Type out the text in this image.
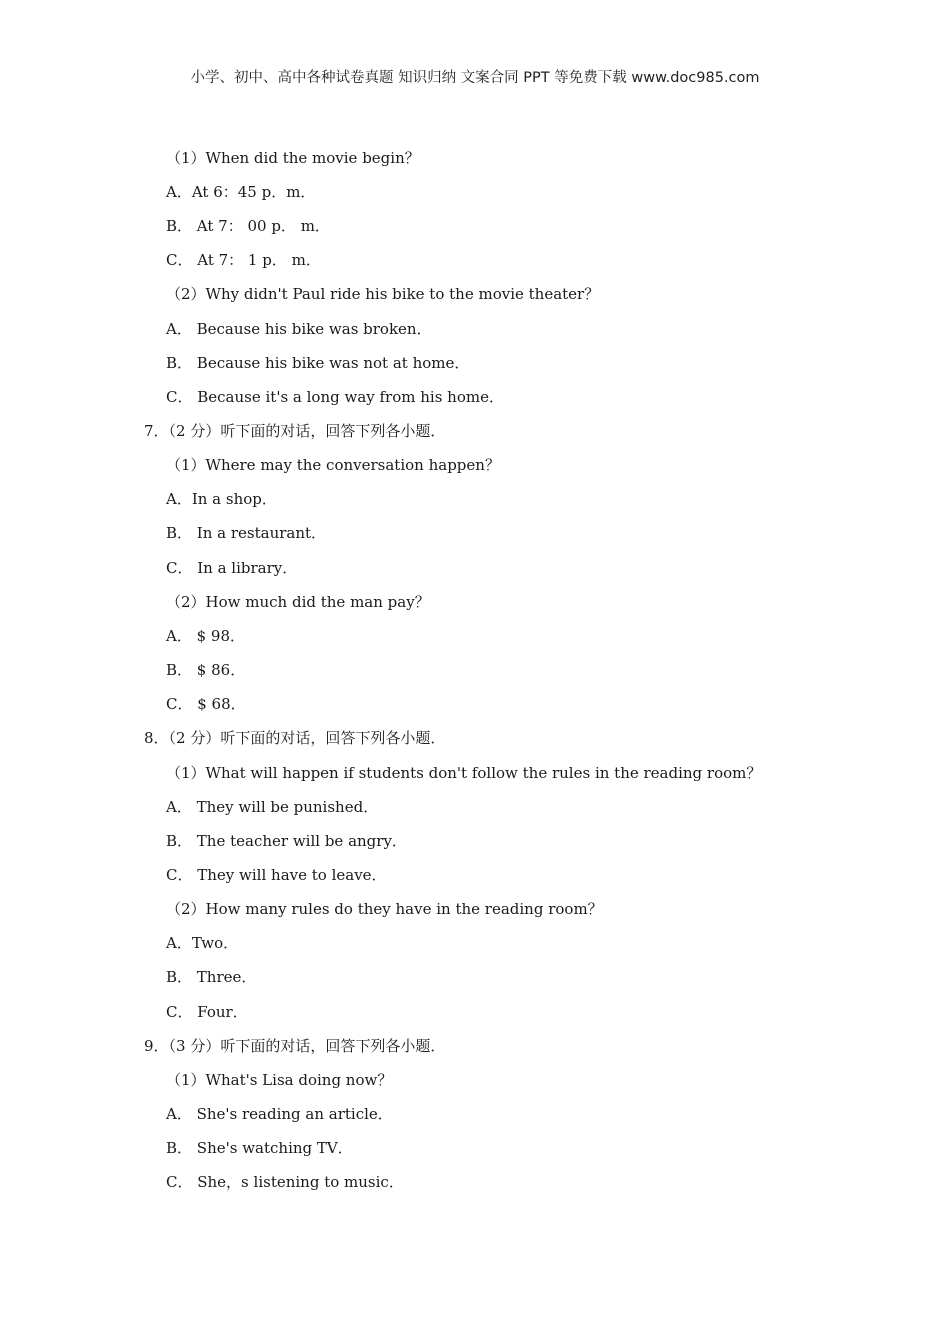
小学、初中、高中各种试卷真题 知识归纳 文案合同 PPT 等免费下载 www.doc985.com
（1）When did the movie begin？
A．At 6：45 p．m．
B． At 7： 00 p． m．
C． At 7： 1 p． m．
（2）Why didn't Paul ride his bike to the movie theater？
A． Because his bike was broken．
B． Because his bike was not at home．
C． Because it's a long way from his home．
7．（2 分）听下面的对话，回答下列各小题．
（1）Where may the conversation happen？
A．In a shop．
B． In a restaurant．
C． In a library．
（2）How much did the man pay？
A． $ 98．
B． $ 86．
C． $ 68．
8．（2 分）听下面的对话，回答下列各小题．
（1）What will happen if students don't follow the rules in the reading room？
A． They will be punished．
B． The teacher will be angry．
C． They will have to leave．
（2）How many rules do they have in the reading room？
A．Two．
B． Three．
C． Four．
9．（3 分）听下面的对话，回答下列各小题．
（1）What's Lisa doing now？
A． She's reading an article．
B． She's watching TV．
C． She，s listening to music．
